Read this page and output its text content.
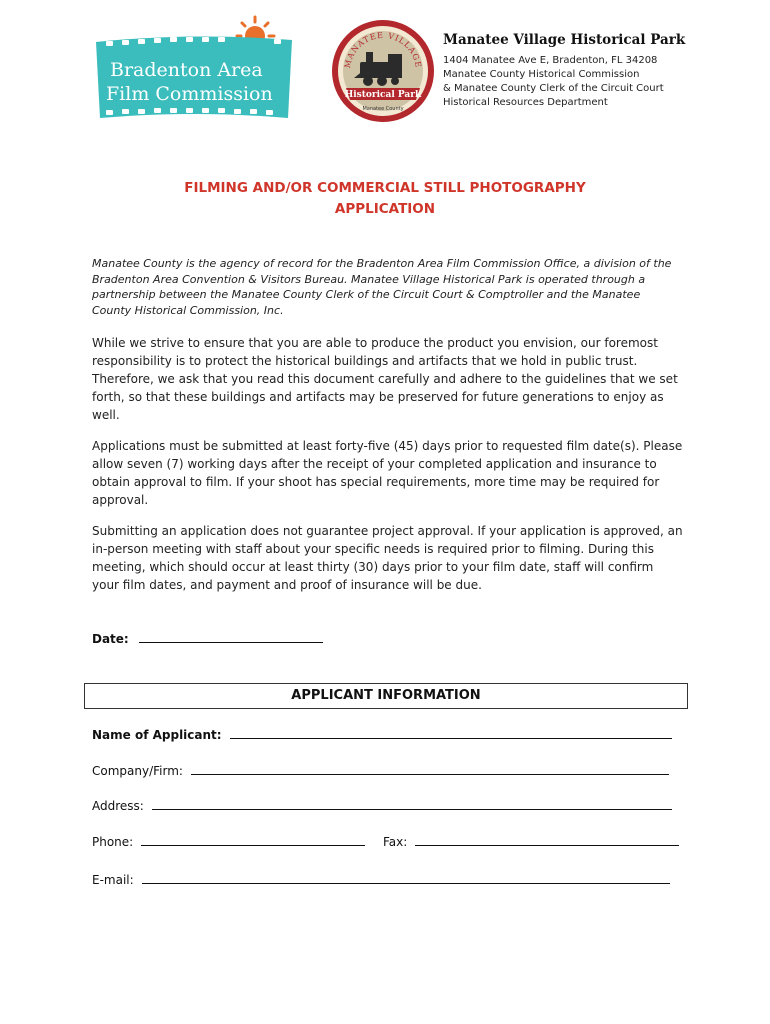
Bradenton Area
Film Commission
MANATEE VILLAGE
Historical Park
Manatee County
Manatee Village Historical Park
1404 Manatee Ave E, Bradenton, FL 34208
Manatee County Historical Commission
& Manatee County Clerk of the Circuit Court
Historical Resources Department
FILMING AND/OR COMMERCIAL STILL PHOTOGRAPHY
APPLICATION
Manatee County is the agency of record for the Bradenton Area Film Commission Office, a division of the Bradenton Area Convention & Visitors Bureau. Manatee Village Historical Park is operated through a partnership between the Manatee County Clerk of the Circuit Court & Comptroller and the Manatee County Historical Commission, Inc.
While we strive to ensure that you are able to produce the product you envision, our foremost responsibility is to protect the historical buildings and artifacts that we hold in public trust. Therefore, we ask that you read this document carefully and adhere to the guidelines that we set forth, so that these buildings and artifacts may be preserved for future generations to enjoy as well.
Applications must be submitted at least forty-five (45) days prior to requested film date(s). Please allow seven (7) working days after the receipt of your completed application and insurance to obtain approval to film. If your shoot has special requirements, more time may be required for approval.
Submitting an application does not guarantee project approval. If your application is approved, an in-person meeting with staff about your specific needs is required prior to filming. During this meeting, which should occur at least thirty (30) days prior to your film date, staff will confirm your film dates, and payment and proof of insurance will be due.
Date:
APPLICANT INFORMATION
Name of Applicant:
Company/Firm:
Address:
Phone:	Fax:
E-mail:
